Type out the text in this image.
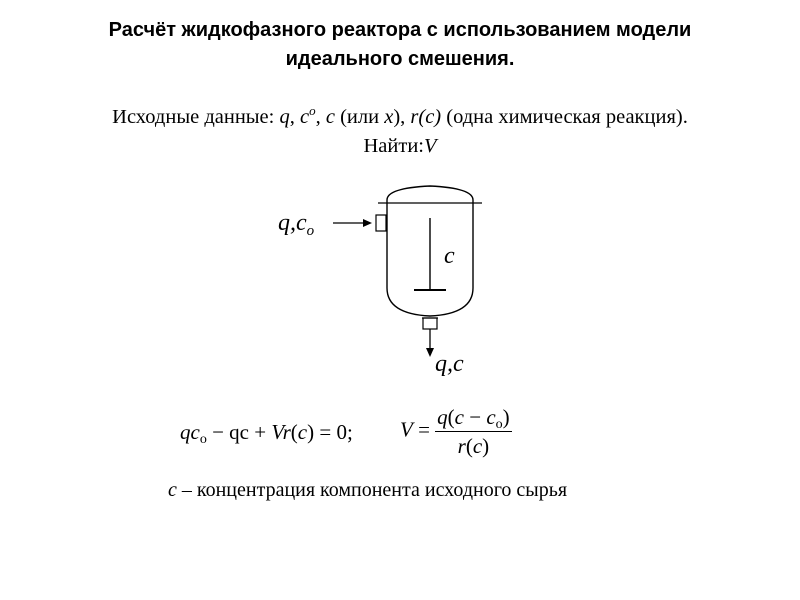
Расчёт жидкофазного реактора с использованием модели
идеального смешения.
Исходные данные: q, $c^o$, c (или x), r(c) (одна химическая реакция).
Найти:V
$q,c_o$
c
q,c
$qc_o$ − qc + Vr(c) = 0; $V = \frac{q(c - c_o)}{r(c)}$
c – концентрация компонента исходного сырья
